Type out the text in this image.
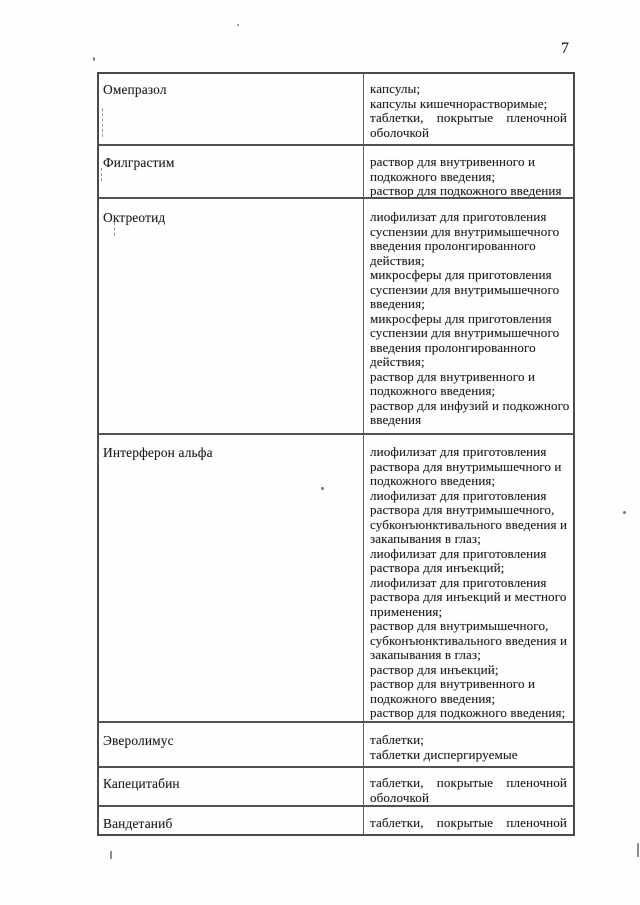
7
Омепразол	капсулы;
капсулы кишечнорастворимые;
таблетки, покрытые пленочной
оболочкой
Филграстим	раствор для внутривенного и
подкожного введения;
раствор для подкожного введения
Октреотид	лиофилизат для приготовления
суспензии для внутримышечного
введения пролонгированного
действия;
микросферы для приготовления
суспензии для внутримышечного
введения;
микросферы для приготовления
суспензии для внутримышечного
введения пролонгированного
действия;
раствор для внутривенного и
подкожного введения;
раствор для инфузий и подкожного
введения
Интерферон альфа	лиофилизат для приготовления
раствора для внутримышечного и
подкожного введения;
лиофилизат для приготовления
раствора для внутримышечного,
субконъюнктивального введения и
закапывания в глаз;
лиофилизат для приготовления
раствора для инъекций;
лиофилизат для приготовления
раствора для инъекций и местного
применения;
раствор для внутримышечного,
субконъюнктивального введения и
закапывания в глаз;
раствор для инъекций;
раствор для внутривенного и
подкожного введения;
раствор для подкожного введения;
Эверолимус	таблетки;
таблетки диспергируемые
Капецитабин	таблетки, покрытые пленочной
оболочкой
Вандетаниб	таблетки, покрытые пленочной
